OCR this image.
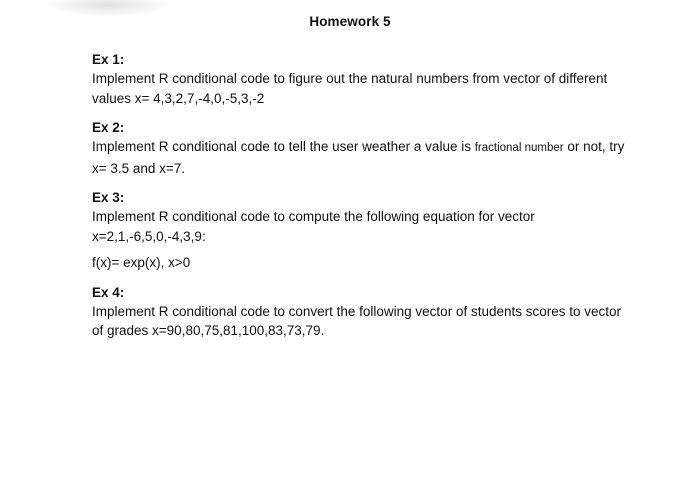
Homework 5
Ex 1:
Implement R conditional code to figure out the natural numbers from vector of different values x= 4,3,2,7,-4,0,-5,3,-2
Ex 2:
Implement R conditional code to tell the user weather a value is fractional number or not, try x= 3.5 and x=7.
Ex 3:
Implement R conditional code to compute the following equation for vector x=2,1,-6,5,0,-4,3,9:
f(x)= exp(x), x>0
Ex 4:
Implement R conditional code to convert the following vector of students scores to vector of grades x=90,80,75,81,100,83,73,79.
